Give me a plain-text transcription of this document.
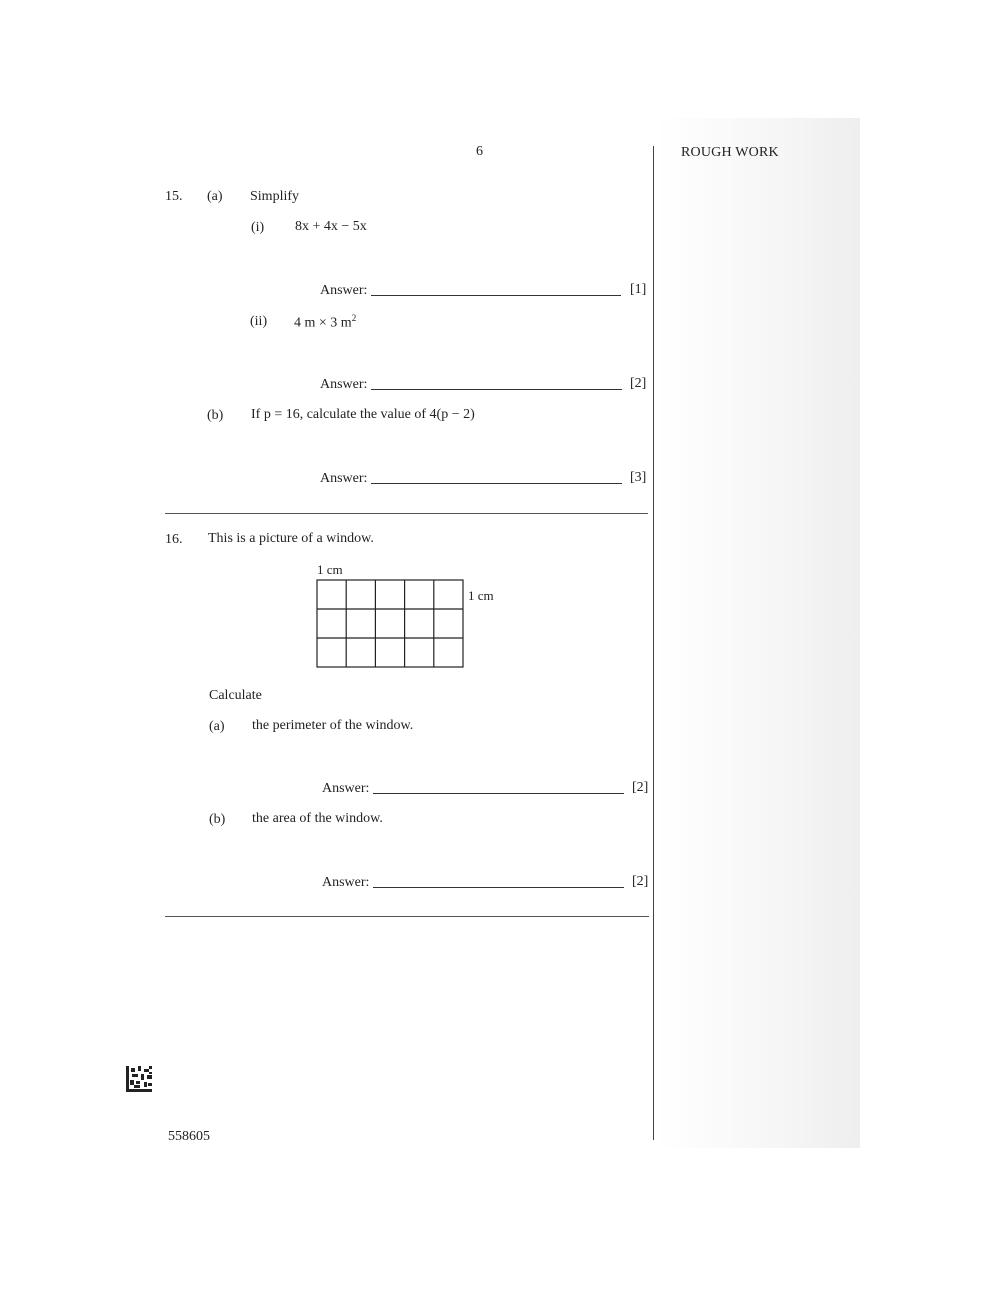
6	ROUGH WORK
15. (a) Simplify
(i) 8x + 4x − 5x
Answer:	[1]
(ii) 4 m × 3 $m^2$
Answer:	[2]
(b) If p = 16, calculate the value of 4(p − 2)
Answer:	[3]
16. This is a picture of a window.
1 cm
1 cm
Calculate
(a) the perimeter of the window.
Answer:	[2]
(b) the area of the window.
Answer:	[2]
558605
